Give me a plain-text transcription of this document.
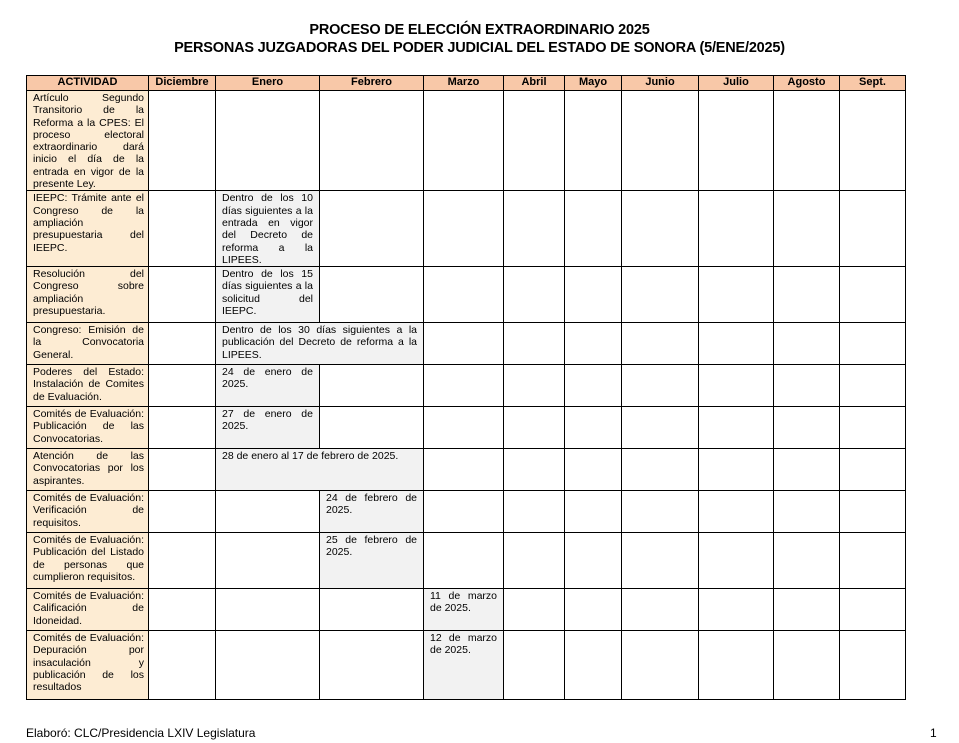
PROCESO DE ELECCIÓN EXTRAORDINARIO 2025
PERSONAS JUZGADORAS DEL PODER JUDICIAL DEL ESTADO DE SONORA (5/ENE/2025)
ACTIVIDAD	Diciembre	Enero	Febrero	Marzo	Abril	Mayo	Junio	Julio	Agosto	Sept.
Artículo Segundo Transitorio de la Reforma a la CPES: El proceso electoral extraordinario dará inicio el día de la entrada en vigor de la presente Ley.										
IEEPC: Trámite ante el Congreso de la ampliación presupuestaria del IEEPC.		Dentro de los 10 días siguientes a la entrada en vigor del Decreto de reforma a la LIPEES.								
Resolución del Congreso sobre ampliación presupuestaria.		Dentro de los 15 días siguientes a la solicitud del IEEPC.								
Congreso: Emisión de la Convocatoria General.		Dentro de los 30 días siguientes a la publicación del Decreto de reforma a la LIPEES.								
Poderes del Estado: Instalación de Comites de Evaluación.		24 de enero de 2025.								
Comités de Evaluación: Publicación de las Convocatorias.		27 de enero de 2025.								
Atención de las Convocatorias por los aspirantes.		28 de enero al 17 de febrero de 2025.								
Comités de Evaluación: Verificación de requisitos.			24 de febrero de 2025.							
Comités de Evaluación: Publicación del Listado de personas que cumplieron requisitos.			25 de febrero de 2025.							
Comités de Evaluación: Calificación de Idoneidad.				11 de marzo de 2025.						
Comités de Evaluación: Depuración por insaculación y publicación de los resultados				12 de marzo de 2025.						
Elaboró: CLC/Presidencia LXIV Legislatura	1
